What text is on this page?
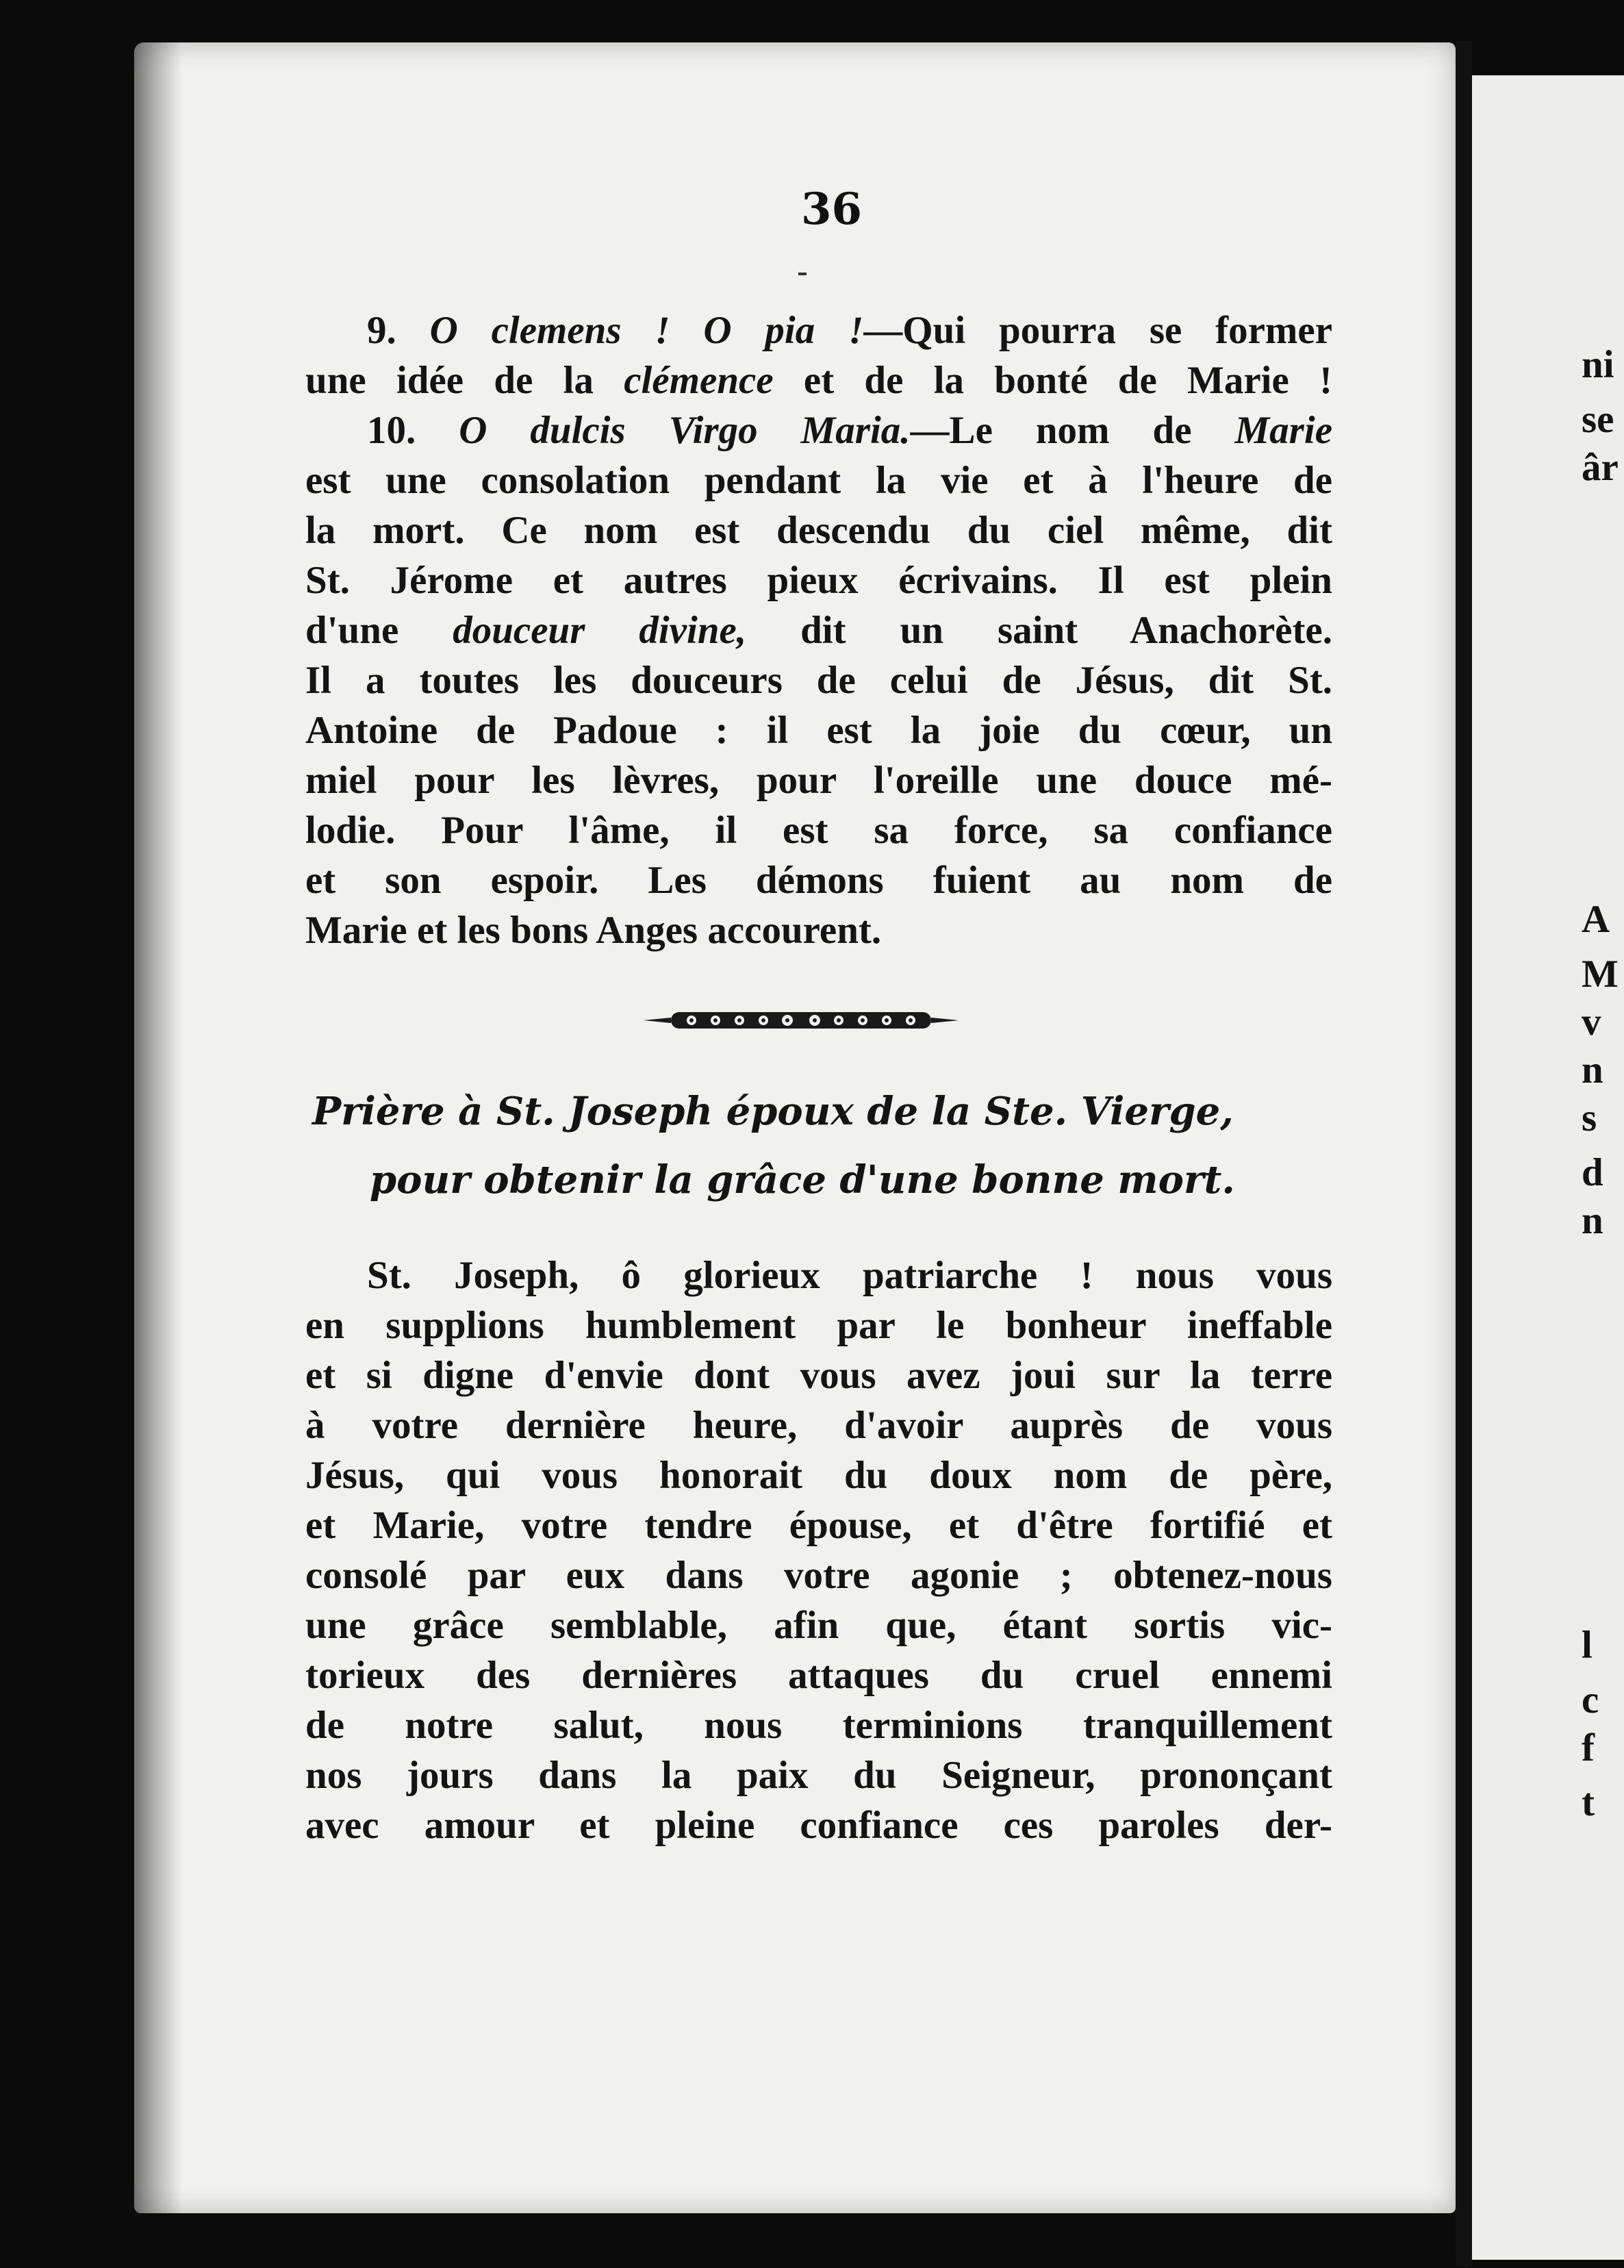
36
9. O clemens ! O pia !—Qui pourra se former
une idée de la clémence et de la bonté de Marie !
10. O dulcis Virgo Maria.—Le nom de Marie
est une consolation pendant la vie et à l'heure de
la mort. Ce nom est descendu du ciel même, dit
St. Jérome et autres pieux écrivains. Il est plein
d'une douceur divine, dit un saint Anachorète.
Il a toutes les douceurs de celui de Jésus, dit St.
Antoine de Padoue : il est la joie du cœur, un
miel pour les lèvres, pour l'oreille une douce mé-
lodie. Pour l'âme, il est sa force, sa confiance
et son espoir. Les démons fuient au nom de
Marie et les bons Anges accourent.
Prière à St. Joseph époux de la Ste. Vierge,
pour obtenir la grâce d'une bonne mort.
St. Joseph, ô glorieux patriarche ! nous vous
en supplions humblement par le bonheur ineffable
et si digne d'envie dont vous avez joui sur la terre
à votre dernière heure, d'avoir auprès de vous
Jésus, qui vous honorait du doux nom de père,
et Marie, votre tendre épouse, et d'être fortifié et
consolé par eux dans votre agonie ; obtenez-nous
une grâce semblable, afin que, étant sortis vic-
torieux des dernières attaques du cruel ennemi
de notre salut, nous terminions tranquillement
nos jours dans la paix du Seigneur, prononçant
avec amour et pleine confiance ces paroles der-
ni
se
âr
A
M
v
n
s
d
n
l
c
f
t
